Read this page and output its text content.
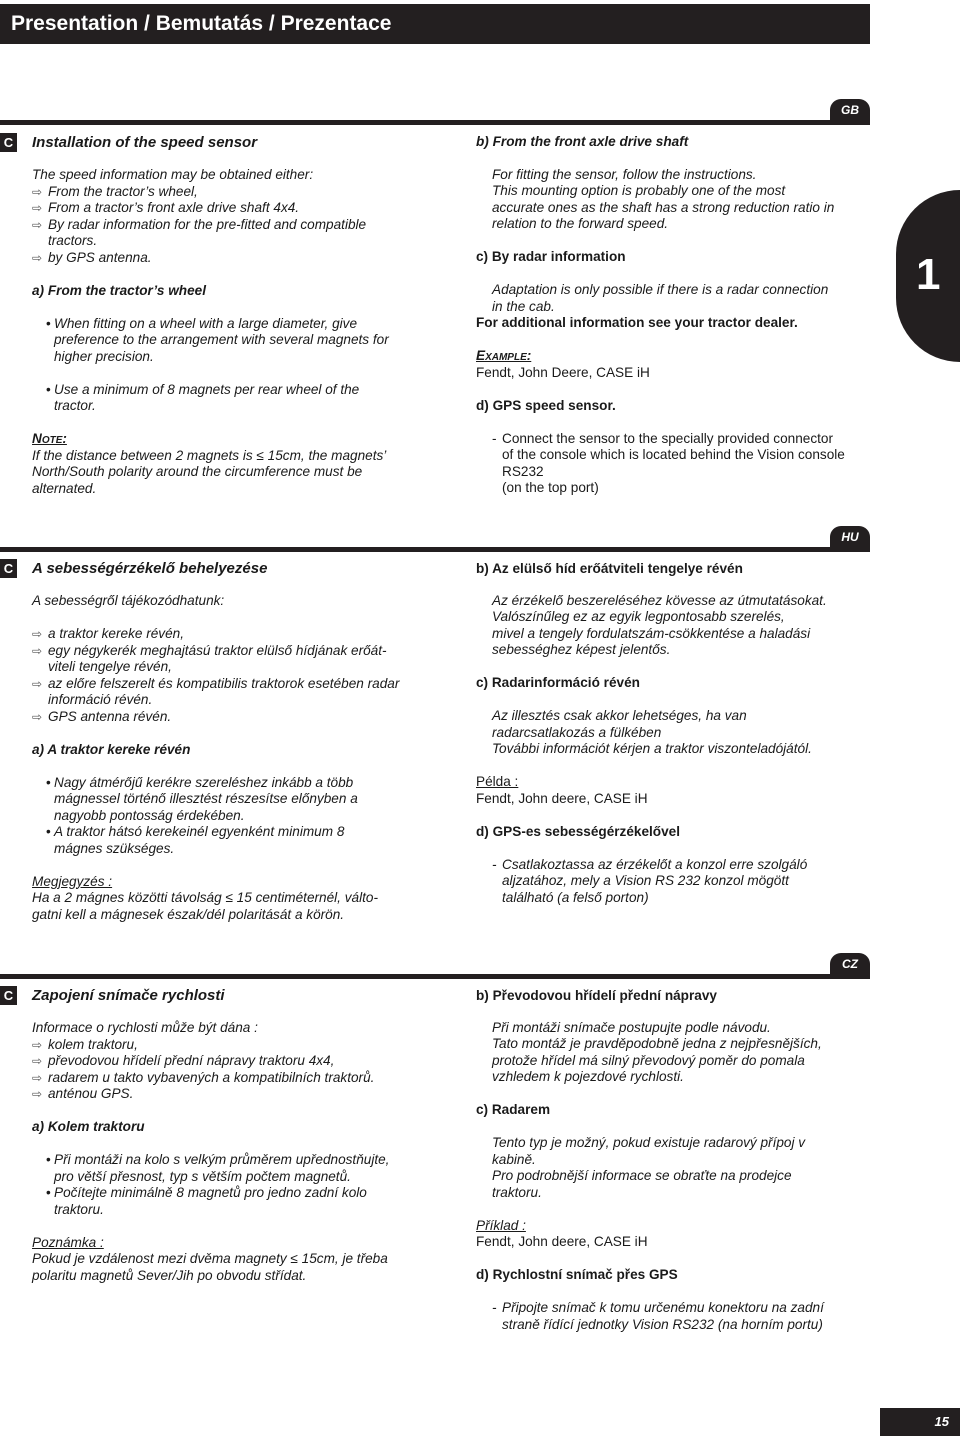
Presentation / Bemutatás / Prezentace
1
15
GB
C Installation of the speed sensor

The speed information may be obtained either:

⇨ From the tractor’s wheel,

⇨ From a tractor’s front axle drive shaft 4x4.

⇨ By radar information for the pre-fitted and compatible

tractors.

⇨ by GPS antenna.

a) From the tractor’s wheel

• When fitting on a wheel with a large diameter, give

preference to the arrangement with several magnets for

higher precision.

• Use a minimum of 8 magnets per rear wheel of the

tractor.

Note:

If the distance between 2 magnets is ≤ 15cm, the magnets’

North/South polarity around the circumference must be

alternated.

b) From the front axle drive shaft

For fitting the sensor, follow the instructions.

This mounting option is probably one of the most

accurate ones as the shaft has a strong reduction ratio in

relation to the forward speed.

c) By radar information

Adaptation is only possible if there is a radar connection

in the cab.

For additional information see your tractor dealer.

Example:

Fendt, John Deere, CASE iH

d) GPS speed sensor.

- Connect the sensor to the specially provided connector

of the console which is located behind the Vision console

RS232

(on the top port)

HU
C A sebességérzékelő behelyezése

A sebességről tájékozódhatunk:

⇨ a traktor kereke révén,

⇨ egy négykerék meghajtású traktor elülső hídjának erőát-

viteli tengelye révén,

⇨ az előre felszerelt és kompatibilis traktorok esetében radar

információ révén.

⇨ GPS antenna révén.

a) A traktor kereke révén

• Nagy átmérőjű kerékre szereléshez inkább a több

mágnessel történő illesztést részesítse előnyben a

nagyobb pontosság érdekében.

• A traktor hátsó kerekeinél egyenként minimum 8

mágnes szükséges.

Megjegyzés :

Ha a 2 mágnes közötti távolság ≤ 15 centiméternél, válto-

gatni kell a mágnesek észak/dél polaritását a körön.

b) Az elülső híd erőátviteli tengelye révén

Az érzékelő beszereléséhez kövesse az útmutatásokat.

Valószínűleg ez az egyik legpontosabb szerelés,

mivel a tengely fordulatszám-csökkentése a haladási

sebességhez képest jelentős.

c) Radarinformáció révén

Az illesztés csak akkor lehetséges, ha van

radarcsatlakozás a fülkében

További információt kérjen a traktor viszonteladójától.

Példa :

Fendt, John deere, CASE iH

d) GPS-es sebességérzékelővel

- Csatlakoztassa az érzékelőt a konzol erre szolgáló

aljzatához, mely a Vision RS 232 konzol mögött

található (a felső porton)

CZ
C Zapojení snímače rychlosti

Informace o rychlosti může být dána :

⇨ kolem traktoru,

⇨ převodovou hřídelí přední nápravy traktoru 4x4,

⇨ radarem u takto vybavených a kompatibilních traktorů.

⇨ anténou GPS.

a) Kolem traktoru

• Při montáži na kolo s velkým průměrem upřednostňujte,

pro větší přesnost, typ s větším počtem magnetů.

• Počítejte minimálně 8 magnetů pro jedno zadní kolo

traktoru.

Poznámka :

Pokud je vzdálenost mezi dvěma magnety ≤ 15cm, je třeba

polaritu magnetů Sever/Jih po obvodu střídat.

b) Převodovou hřídelí přední nápravy

Při montáži snímače postupujte podle návodu.

Tato montáž je pravděpodobně jedna z nejpřesnějších,

protože hřídel má silný převodový poměr do pomala

vzhledem k pojezdové rychlosti.

c) Radarem

Tento typ je možný, pokud existuje radarový přípoj v

kabině.

Pro podrobnější informace se obraťte na prodejce

traktoru.

Příklad :

Fendt, John deere, CASE iH

d) Rychlostní snímač přes GPS

- Připojte snímač k tomu určenému konektoru na zadní

straně řídící jednotky Vision RS232 (na horním portu)
